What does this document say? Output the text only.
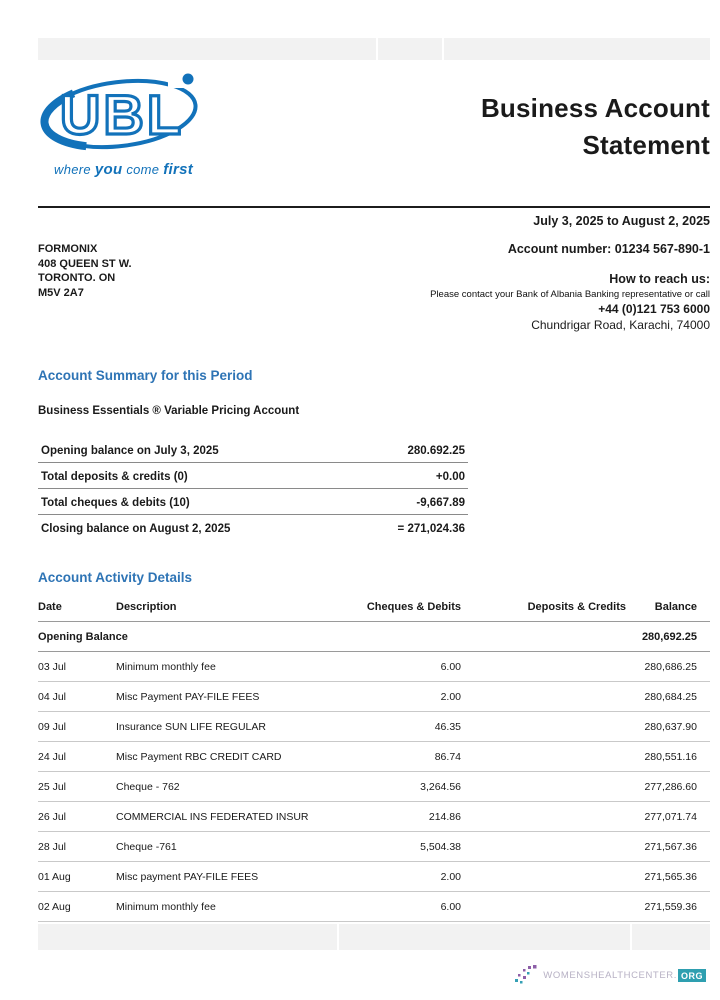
UBL
where you come first
Business Account
Statement
July 3, 2025 to August 2, 2025
FORMONIX
408 QUEEN ST W.
TORONTO. ON
M5V 2A7
Account number: 01234 567-890-1
How to reach us:
Please contact your Bank of Albania Banking representative or call
+44 (0)121 753 6000
Chundrigar Road, Karachi, 74000
Account Summary for this Period
Business Essentials ® Variable Pricing Account
Opening balance on July 3, 2025	280.692.25
Total deposits & credits (0)	+0.00
Total cheques & debits (10)	-9,667.89
Closing balance on August 2, 2025	= 271,024.36
Account Activity Details
Date	Description	Cheques & Debits	Deposits & Credits	Balance
Opening Balance				280,692.25
03 Jul	Minimum monthly fee	6.00		280,686.25
04 Jul	Misc Payment PAY-FILE FEES	2.00		280,684.25
09 Jul	Insurance SUN LIFE REGULAR	46.35		280,637.90
24 Jul	Misc Payment RBC CREDIT CARD	86.74		280,551.16
25 Jul	Cheque - 762	3,264.56		277,286.60
26 Jul	COMMERCIAL INS FEDERATED INSUR	214.86		277,071.74
28 Jul	Cheque -761	5,504.38		271,567.36
01 Aug	Misc payment PAY-FILE FEES	2.00		271,565.36
02 Aug	Minimum monthly fee	6.00		271,559.36
WOMENSHEALTHCENTER. ORG
